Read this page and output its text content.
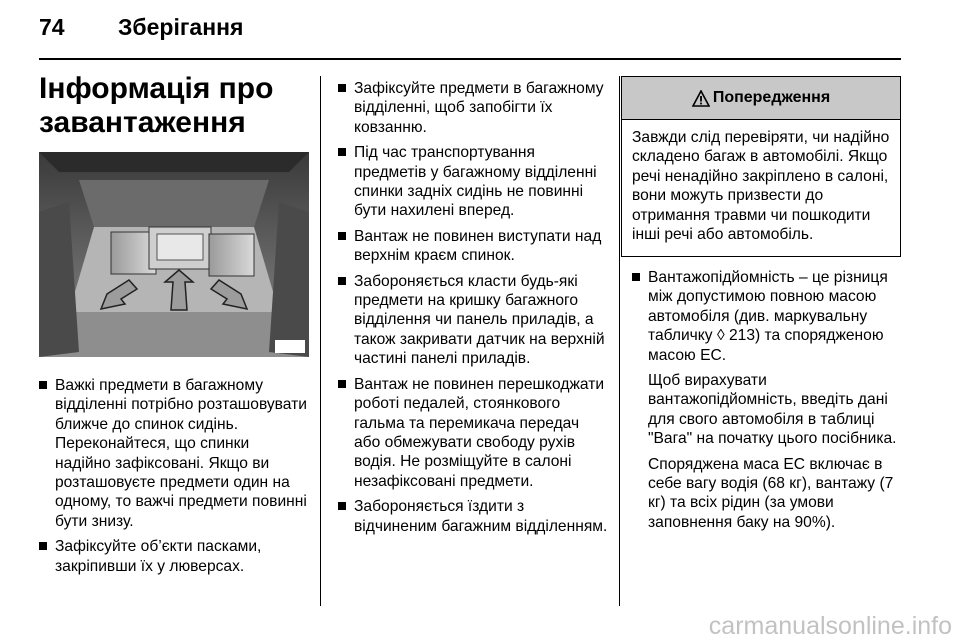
74 Зберігання
Інформація про завантаження
Важкі предмети в багажному відділенні потрібно розташовувати ближче до спинок сидінь. Переконайтеся, що спинки надійно зафіксовані. Якщо ви розташовуєте предмети один на одному, то важчі предмети повинні бути знизу.
Зафіксуйте об’єкти пасками, закріпивши їх у люверсах.
Зафіксуйте предмети в багажному відділенні, щоб запобігти їх ковзанню.
Під час транспортування предметів у багажному відділенні спинки задніх сидінь не повинні бути нахилені вперед.
Вантаж не повинен виступати над верхнім краєм спинок.
Забороняється класти будь-які предмети на кришку багажного відділення чи панель приладів, а також закривати датчик на верхній частині панелі приладів.
Вантаж не повинен перешкоджати роботі педалей, стоянкового гальма та перемикача передач або обмежувати свободу рухів водія. Не розміщуйте в салоні незафіксовані предмети.
Забороняється їздити з відчиненим багажним відділенням.
Попередження
Завжди слід перевіряти, чи надійно складено багаж в автомобілі. Якщо речі ненадійно закріплено в салоні, вони можуть призвести до отримання травми чи пошкодити інші речі або автомобіль.
Вантажопідйомність – це різниця між допустимою повною масою автомобіля (див. маркувальну табличку ◊ 213) та спорядженою масою ЕС.
Щоб вирахувати вантажопідйомність, введіть дані для свого автомобіля в таблиці "Вага" на початку цього посібника.
Споряджена маса ЕС включає в себе вагу водія (68 кг), вантажу (7 кг) та всіх рідин (за умови заповнення баку на 90%).
carmanualsonline.info
